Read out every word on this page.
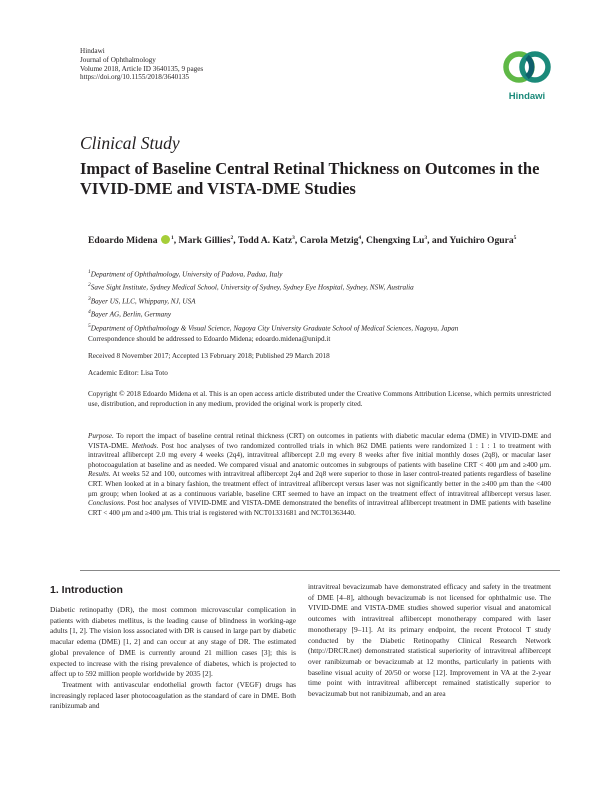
Hindawi
Journal of Ophthalmology
Volume 2018, Article ID 3640135, 9 pages
https://doi.org/10.1155/2018/3640135
Hindawi
Clinical Study
Impact of Baseline Central Retinal Thickness on Outcomes in the VIVID-DME and VISTA-DME Studies
Edoardo Midena $^1$, Mark Gillies$^2$, Todd A. Katz$^3$, Carola Metzig$^4$, Chengxing Lu$^3$, and Yuichiro Ogura$^5$
$^1$Department of Ophthalmology, University of Padova, Padua, Italy
$^2$Save Sight Institute, Sydney Medical School, University of Sydney, Sydney Eye Hospital, Sydney, NSW, Australia
$^3$Bayer US, LLC, Whippany, NJ, USA
$^4$Bayer AG, Berlin, Germany
$^5$Department of Ophthalmology & Visual Science, Nagoya City University Graduate School of Medical Sciences, Nagoya, Japan
Correspondence should be addressed to Edoardo Midena; edoardo.midena@unipd.it
Received 8 November 2017; Accepted 13 February 2018; Published 29 March 2018
Academic Editor: Lisa Toto
Copyright © 2018 Edoardo Midena et al. This is an open access article distributed under the Creative Commons Attribution License, which permits unrestricted use, distribution, and reproduction in any medium, provided the original work is properly cited.
Purpose. To report the impact of baseline central retinal thickness (CRT) on outcomes in patients with diabetic macular edema (DME) in VIVID-DME and VISTA-DME. Methods. Post hoc analyses of two randomized controlled trials in which 862 DME patients were randomized 1 : 1 : 1 to treatment with intravitreal aflibercept 2.0 mg every 4 weeks (2q4), intravitreal aflibercept 2.0 mg every 8 weeks after five initial monthly doses (2q8), or macular laser photocoagulation at baseline and as needed. We compared visual and anatomic outcomes in subgroups of patients with baseline CRT < 400 μm and ≥400 μm. Results. At weeks 52 and 100, outcomes with intravitreal aflibercept 2q4 and 2q8 were superior to those in laser control-treated patients regardless of baseline CRT. When looked at in a binary fashion, the treatment effect of intravitreal aflibercept versus laser was not significantly better in the ≥400 μm than the <400 μm group; when looked at as a continuous variable, baseline CRT seemed to have an impact on the treatment effect of intravitreal aflibercept versus laser. Conclusions. Post hoc analyses of VIVID-DME and VISTA-DME demonstrated the benefits of intravitreal aflibercept treatment in DME patients with baseline CRT < 400 μm and ≥400 μm. This trial is registered with NCT01331681 and NCT01363440.
1. Introduction
Diabetic retinopathy (DR), the most common microvascular complication in patients with diabetes mellitus, is the leading cause of blindness in working-age adults [1, 2]. The vision loss associated with DR is caused in large part by diabetic macular edema (DME) [1, 2] and can occur at any stage of DR. The estimated global prevalence of DME is currently around 21 million cases [3]; this is expected to increase with the rising prevalence of diabetes, which is projected to affect up to 592 million people worldwide by 2035 [2].
Treatment with antivascular endothelial growth factor (VEGF) drugs has increasingly replaced laser photocoagulation as the standard of care in DME. Both ranibizumab and
intravitreal bevacizumab have demonstrated efficacy and safety in the treatment of DME [4–8], although bevacizumab is not licensed for ophthalmic use. The VIVID-DME and VISTA-DME studies showed superior visual and anatomical outcomes with intravitreal aflibercept monotherapy compared with laser monotherapy [9–11]. At its primary endpoint, the recent Protocol T study conducted by the Diabetic Retinopathy Clinical Research Network (http://DRCR.net) demonstrated statistical superiority of intravitreal aflibercept over ranibizumab or bevacizumab at 12 months, particularly in patients with baseline visual acuity of 20/50 or worse [12]. Improvement in VA at the 2-year time point with intravitreal aflibercept remained statistically superior to bevacizumab but not ranibizumab, and an area
